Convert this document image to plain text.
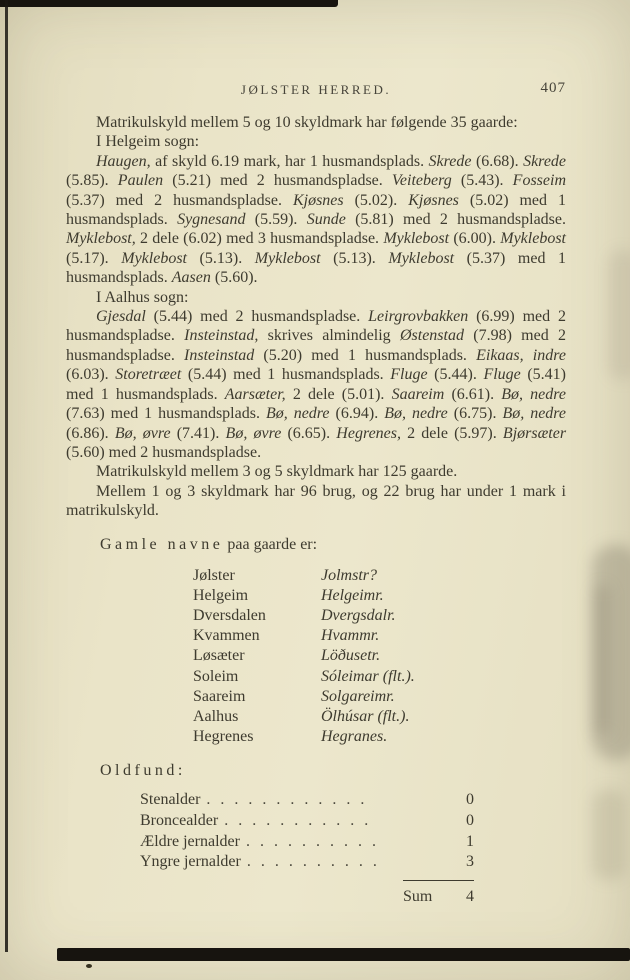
JØLSTER HERRED.	407

Matrikulskyld mellem 5 og 10 skyldmark har følgende 35 gaarde:

I Helgeim sogn:

Haugen, af skyld 6.19 mark, har 1 husmandsplads. Skrede (6.68). Skrede (5.85). Paulen (5.21) med 2 husmandspladse. Veiteberg (5.43). Fosseim (5.37) med 2 husmandspladse. Kjøsnes (5.02). Kjøsnes (5.02) med 1 husmandsplads. Sygnesand (5.59). Sunde (5.81) med 2 husmandspladse. Myklebost, 2 dele (6.02) med 3 husmandspladse. Myklebost (6.00). Myklebost (5.17). Myklebost (5.13). Myklebost (5.13). Myklebost (5.37) med 1 husmandsplads. Aasen (5.60).

I Aalhus sogn:

Gjesdal (5.44) med 2 husmandspladse. Leirgrovbakken (6.99) med 2 husmandspladse. Insteinstad, skrives almindelig Østenstad (7.98) med 2 husmandspladse. Insteinstad (5.20) med 1 husmandsplads. Eikaas, indre (6.03). Storetræet (5.44) med 1 husmandsplads. Fluge (5.44). Fluge (5.41) med 1 husmandsplads. Aarsæter, 2 dele (5.01). Saareim (6.61). Bø, nedre (7.63) med 1 husmandsplads. Bø, nedre (6.94). Bø, nedre (6.75). Bø, nedre (6.86). Bø, øvre (7.41). Bø, øvre (6.65). Hegrenes, 2 dele (5.97). Bjørsæter (5.60) med 2 husmandspladse.

Matrikulskyld mellem 3 og 5 skyldmark har 125 gaarde.

Mellem 1 og 3 skyldmark har 96 brug, og 22 brug har under 1 mark i matrikulskyld.

Gamle navne paa gaarde er:
Jølster	Jolmstr?
Helgeim	Helgeimr.
Dversdalen	Dvergsdalr.
Kvammen	Hvammr.
Løsæter	Löðusetr.
Soleim	Sóleimar (flt.).
Saareim	Solgareimr.
Aalhus	Ölhúsar (flt.).
Hegrenes	Hegranes.
Oldfund:
Stenalder . . . . . . . . . . . .	0
Broncealder . . . . . . . . . . .	0
Ældre jernalder . . . . . . . . . .	1
Yngre jernalder . . . . . . . . . .	3
Sum 4
